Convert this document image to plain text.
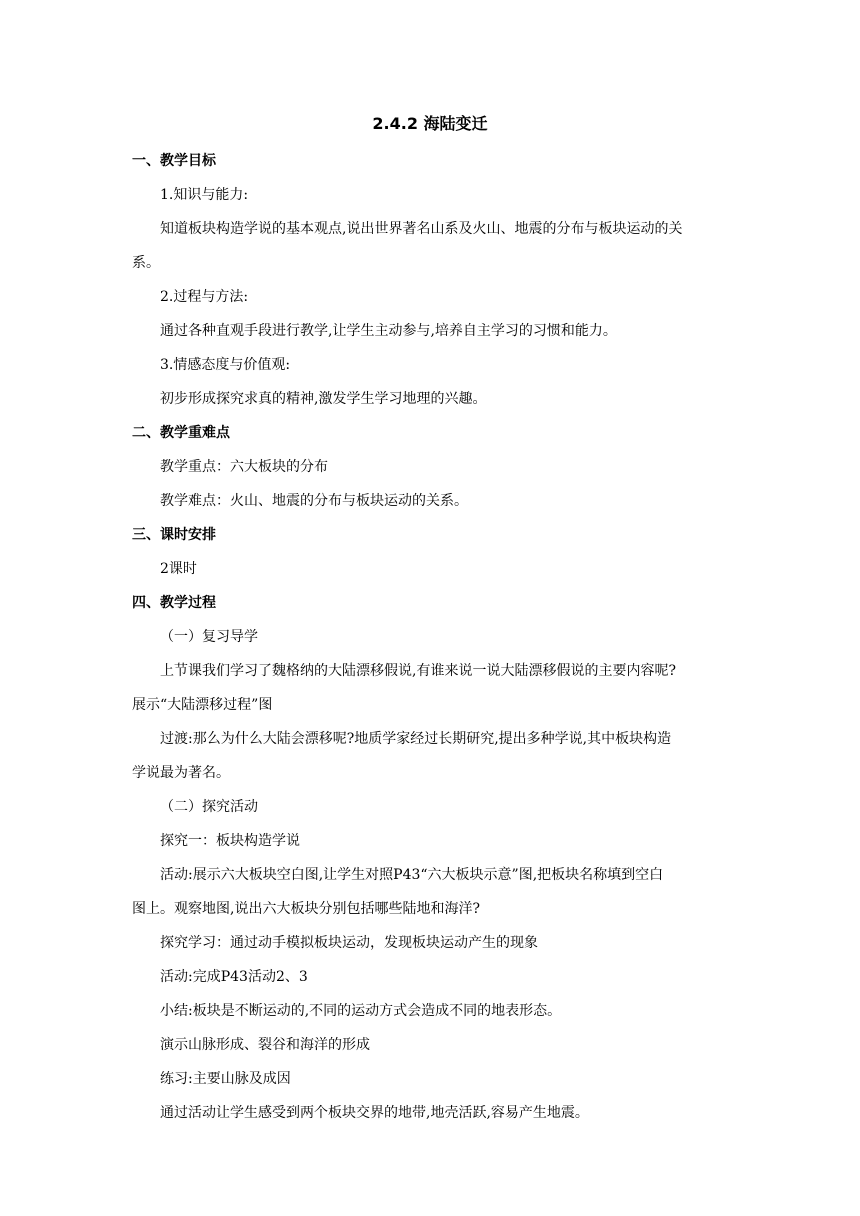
2.4.2 海陆变迁
一、教学目标
1.知识与能力:
知道板块构造学说的基本观点,说出世界著名山系及火山、地震的分布与板块运动的关
系。
2.过程与方法:
通过各种直观手段进行教学,让学生主动参与,培养自主学习的习惯和能力。
3.情感态度与价值观:
初步形成探究求真的精神,激发学生学习地理的兴趣。
二、教学重难点
教学重点：六大板块的分布
教学难点：火山、地震的分布与板块运动的关系。
三、课时安排
2课时
四、教学过程
（一）复习导学
上节课我们学习了魏格纳的大陆漂移假说,有谁来说一说大陆漂移假说的主要内容呢?
展示“大陆漂移过程”图
过渡:那么为什么大陆会漂移呢?地质学家经过长期研究,提出多种学说,其中板块构造
学说最为著名。
（二）探究活动
探究一：板块构造学说
活动:展示六大板块空白图,让学生对照P43“六大板块示意”图,把板块名称填到空白
图上。观察地图,说出六大板块分别包括哪些陆地和海洋?
探究学习：通过动手模拟板块运动，发现板块运动产生的现象
活动:完成P43活动2、3
小结:板块是不断运动的,不同的运动方式会造成不同的地表形态。
演示山脉形成、裂谷和海洋的形成
练习:主要山脉及成因
通过活动让学生感受到两个板块交界的地带,地壳活跃,容易产生地震。
